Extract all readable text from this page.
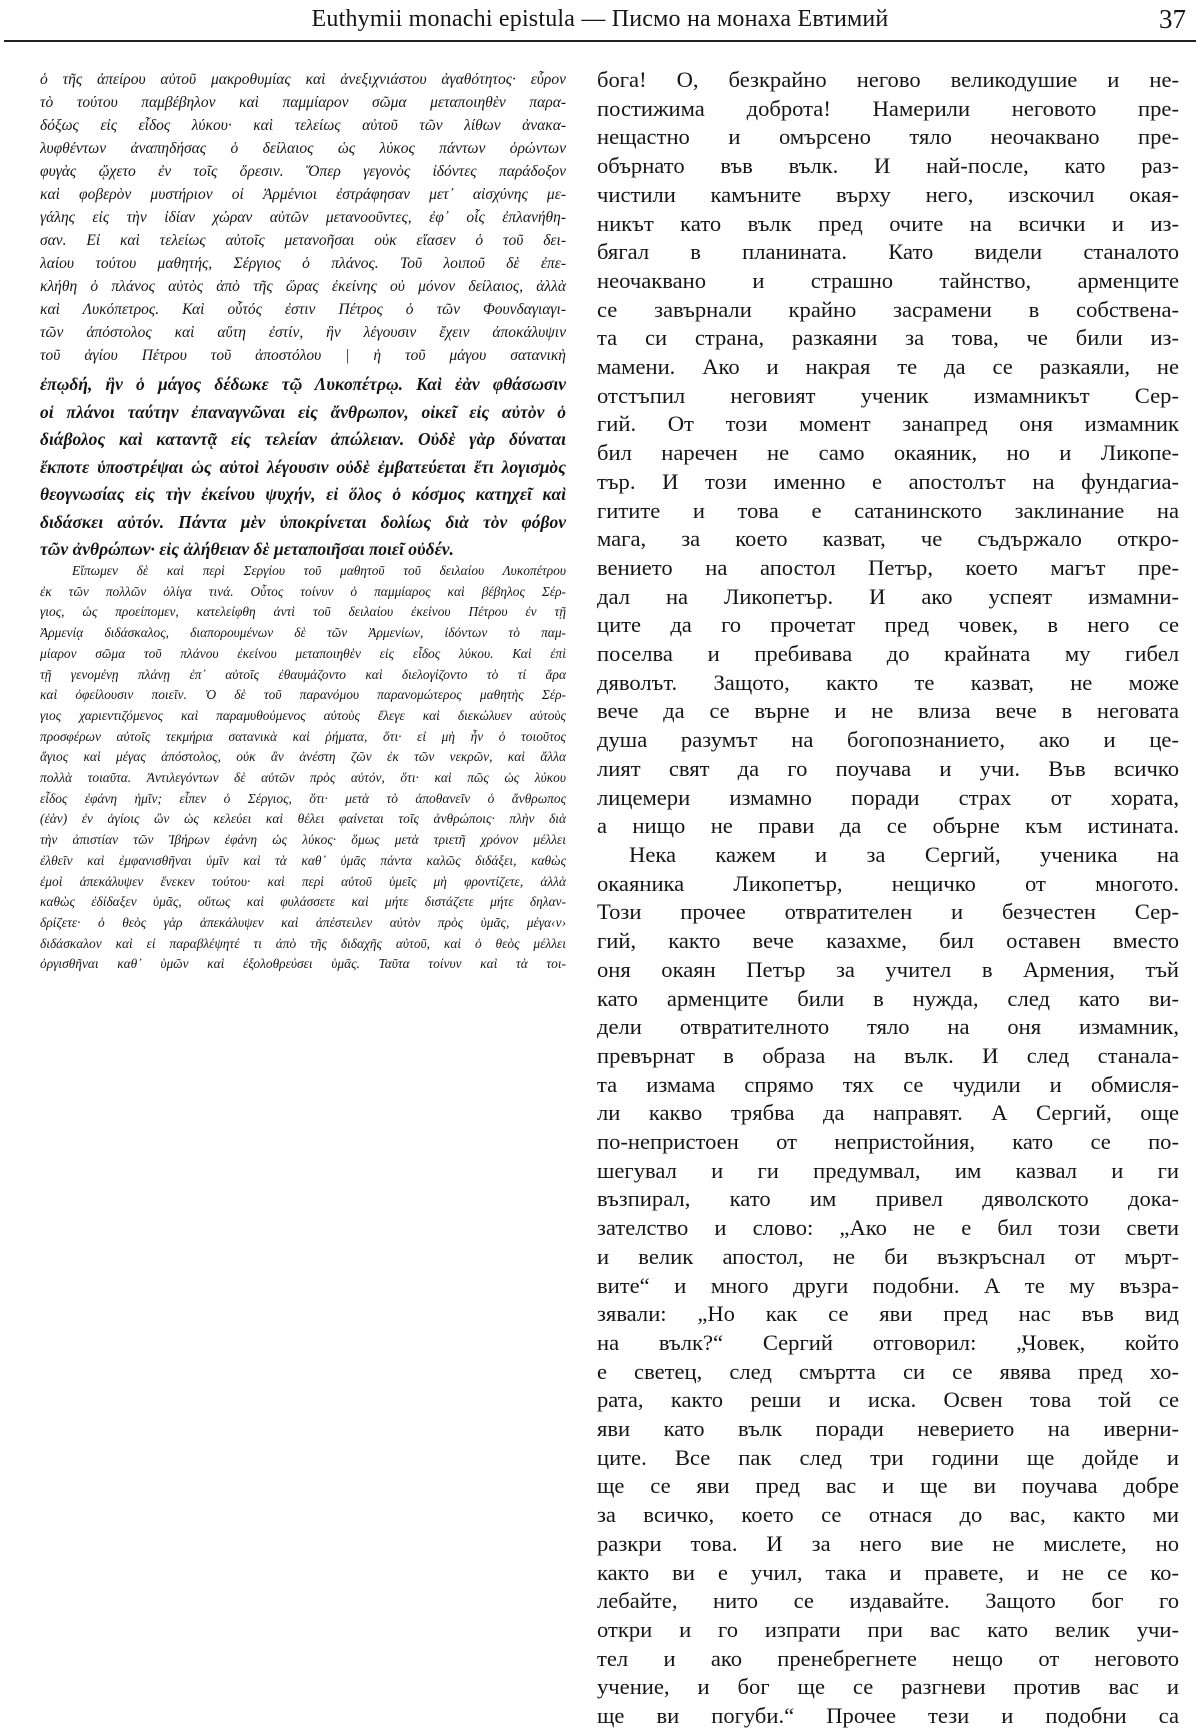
Euthymii monachi epistula — Писмо на монаха Евтимий	37
ὁ τῆς ἀπείρου αὐτοῦ μακροθυμίας καὶ ἀνεξιχνιάστου ἀγαθότητος· εὗρον
τὸ τούτου παμβέβηλον καὶ παμμίαρον σῶμα μεταποιηθὲν παρα-
δόξως εἰς εἶδος λύκου· καὶ τελείως αὐτοῦ τῶν λίθων ἀνακα-
λυφθέντων ἀναπηδήσας ὁ δείλαιος ὡς λύκος πάντων ὁρώντων
φυγὰς ᾤχετο ἐν τοῖς ὄρεσιν. Ὅπερ γεγονὸς ἰδόντες παράδοξον
καὶ φοβερὸν μυστήριον οἱ Ἀρμένιοι ἐστράφησαν μετ᾽ αἰσχύνης με-
γάλης εἰς τὴν ἰδίαν χώραν αὐτῶν μετανοοῦντες, ἐφ᾽ οἷς ἐπλανήθη-
σαν. Εἰ καὶ τελείως αὐτοῖς μετανοῆσαι οὐκ εἴασεν ὁ τοῦ δει-
λαίου τούτου μαθητής, Σέργιος ὁ πλάνος. Τοῦ λοιποῦ δὲ ἐπε-
κλήθη ὁ πλάνος αὐτὸς ἀπὸ τῆς ὥρας ἐκείνης οὐ μόνον δείλαιος, ἀλλὰ
καὶ Λυκόπετρος. Καὶ οὗτός ἐστιν Πέτρος ὁ τῶν Φουνδαγιαγι-
τῶν ἀπόστολος καὶ αὕτη ἐστίν, ἣν λέγουσιν ἔχειν ἀποκάλυψιν
τοῦ ἁγίου Πέτρου τοῦ ἀποστόλου | ἡ τοῦ μάγου σατανικὴ
ἐπῳδή, ἣν ὁ μάγος δέδωκε τῷ Λυκοπέτρῳ. Καὶ ἐὰν φθάσωσιν
οἱ πλάνοι ταύτην ἐπαναγνῶναι εἰς ἄνθρωπον, οἰκεῖ εἰς αὐτὸν ὁ
διάβολος καὶ καταντᾷ εἰς τελείαν ἀπώλειαν. Οὐδὲ γὰρ δύναται
ἔκποτε ὑποστρέψαι ὡς αὐτοὶ λέγουσιν οὐδὲ ἐμβατεύεται ἔτι λογισμὸς
θεογνωσίας εἰς τὴν ἐκείνου ψυχήν, εἰ ὅλος ὁ κόσμος κατηχεῖ καὶ
διδάσκει αὐτόν. Πάντα μὲν ὑποκρίνεται δολίως διὰ τὸν φόβον
τῶν ἀνθρώπων· εἰς ἀλήθειαν δὲ μεταποιῆσαι ποιεῖ οὐδέν.
Εἴπωμεν δὲ καὶ περὶ Σεργίου τοῦ μαθητοῦ τοῦ δειλαίου Λυκοπέτρου
ἐκ τῶν πολλῶν ὀλίγα τινά. Οὗτος τοίνυν ὁ παμμίαρος καὶ βέβηλος Σέρ-
γιος, ὡς προείπομεν, κατελείφθη ἀντὶ τοῦ δειλαίου ἐκείνου Πέτρου ἐν τῇ
Ἀρμενίᾳ διδάσκαλος, διαπορουμένων δὲ τῶν Ἀρμενίων, ἰδόντων τὸ παμ-
μίαρον σῶμα τοῦ πλάνου ἐκείνου μεταποιηθὲν εἰς εἶδος λύκου. Καὶ ἐπὶ
τῇ γενομένῃ πλάνῃ ἐπ᾽ αὐτοῖς ἐθαυμάζοντο καὶ διελογίζοντο τὸ τί ἄρα
καὶ ὀφείλουσιν ποιεῖν. Ὁ δὲ τοῦ παρανόμου παρανομώτερος μαθητὴς Σέρ-
γιος χαριεντιζόμενος καὶ παραμυθούμενος αὐτοὺς ἔλεγε καὶ διεκώλυεν αὐτοὺς
προσφέρων αὐτοῖς τεκμήρια σατανικὰ καὶ ῥήματα, ὅτι· εἰ μὴ ἦν ὁ τοιοῦτος
ἅγιος καὶ μέγας ἀπόστολος, οὐκ ἂν ἀνέστη ζῶν ἐκ τῶν νεκρῶν, καὶ ἄλλα
πολλὰ τοιαῦτα. Ἀντιλεγόντων δὲ αὐτῶν πρὸς αὐτόν, ὅτι· καὶ πῶς ὡς λύκου
εἶδος ἐφάνη ἡμῖν; εἶπεν ὁ Σέργιος, ὅτι· μετὰ τὸ ἀποθανεῖν ὁ ἄνθρωπος
(ἐὰν) ἐν ἁγίοις ὢν ὡς κελεύει καὶ θέλει φαίνεται τοῖς ἀνθρώποις· πλὴν διὰ
τὴν ἀπιστίαν τῶν Ἰβήρων ἐφάνη ὡς λύκος· ὅμως μετὰ τριετῆ χρόνον μέλλει
ἐλθεῖν καὶ ἐμφανισθῆναι ὑμῖν καὶ τὰ καθ᾽ ὑμᾶς πάντα καλῶς διδάξει, καθὼς
ἐμοὶ ἀπεκάλυψεν ἕνεκεν τούτου· καὶ περὶ αὐτοῦ ὑμεῖς μὴ φροντίζετε, ἀλλὰ
καθὼς ἐδίδαξεν ὑμᾶς, οὕτως καὶ φυλάσσετε καὶ μήτε διστάζετε μήτε δηλαν-
δρίζετε· ὁ θεὸς γὰρ ἀπεκάλυψεν καὶ ἀπέστειλεν αὐτὸν πρὸς ὑμᾶς, μέγα‹ν›
διδάσκαλον καὶ εἰ παραβλέψητέ τι ἀπὸ τῆς διδαχῆς αὐτοῦ, καὶ ὁ θεὸς μέλλει
ὀργισθῆναι καθ᾽ ὑμῶν καὶ ἐξολοθρεύσει ὑμᾶς. Ταῦτα τοίνυν καὶ τὰ τοι-
бога! О, безкрайно негово великодушие и не-
постижима доброта! Намерили неговото пре-
нещастно и омърсено тяло неочаквано пре-
обърнато във вълк. И най-после, като раз-
чистили камъните върху него, изскочил окая-
никът като вълк пред очите на всички и из-
бягал в планината. Като видели станалото
неочаквано и страшно тайнство, арменците
се завърнали крайно засрамени в собствена-
та си страна, разкаяни за това, че били из-
мамени. Ако и накрая те да се разкаяли, не
отстъпил неговият ученик измамникът Сер-
гий. От този момент занапред оня измамник
бил наречен не само окаяник, но и Ликопе-
тър. И този именно е апостолът на фундагиа-
гитите и това е сатанинското заклинание на
мага, за което казват, че съдържало откро-
вението на апостол Петър, което магът пре-
дал на Ликопетър. И ако успеят измамни-
ците да го прочетат пред човек, в него се
поселва и пребивава до крайната му гибел
дяволът. Защото, както те казват, не може
вече да се върне и не влиза вече в неговата
душа разумът на богопознанието, ако и це-
лият свят да го поучава и учи. Във всичко
лицемери измамно поради страх от хората,
а нищо не прави да се обърне към истината.
Нека кажем и за Сергий, ученика на
окаяника Ликопетър, нещичко от многото.
Този прочее отвратителен и безчестен Сер-
гий, както вече казахме, бил оставен вместо
оня окаян Петър за учител в Армения, тъй
като арменците били в нужда, след като ви-
дели отвратителното тяло на оня измамник,
превърнат в образа на вълк. И след станала-
та измама спрямо тях се чудили и обмисля-
ли какво трябва да направят. А Сергий, още
по-непристоен от непристойния, като се по-
шегувал и ги предумвал, им казвал и ги
възпирал, като им привел дяволското дока-
зателство и слово: „Ако не е бил този свети
и велик апостол, не би възкръснал от мърт-
вите“ и много други подобни. А те му възра-
зявали: „Но как се яви пред нас във вид
на вълк?“ Сергий отговорил: „Човек, който
е светец, след смъртта си се явява пред хо-
рата, както реши и иска. Освен това той се
яви като вълк поради неверието на иверни-
ците. Все пак след три години ще дойде и
ще се яви пред вас и ще ви поучава добре
за всичко, което се отнася до вас, както ми
разкри това. И за него вие не мислете, но
както ви е учил, така и правете, и не се ко-
лебайте, нито се издавайте. Защото бог го
откри и го изпрати при вас като велик учи-
тел и ако пренебрегнете нещо от неговото
учение, и бог ще се разгневи против вас и
ще ви погуби.“ Прочее тези и подобни са
